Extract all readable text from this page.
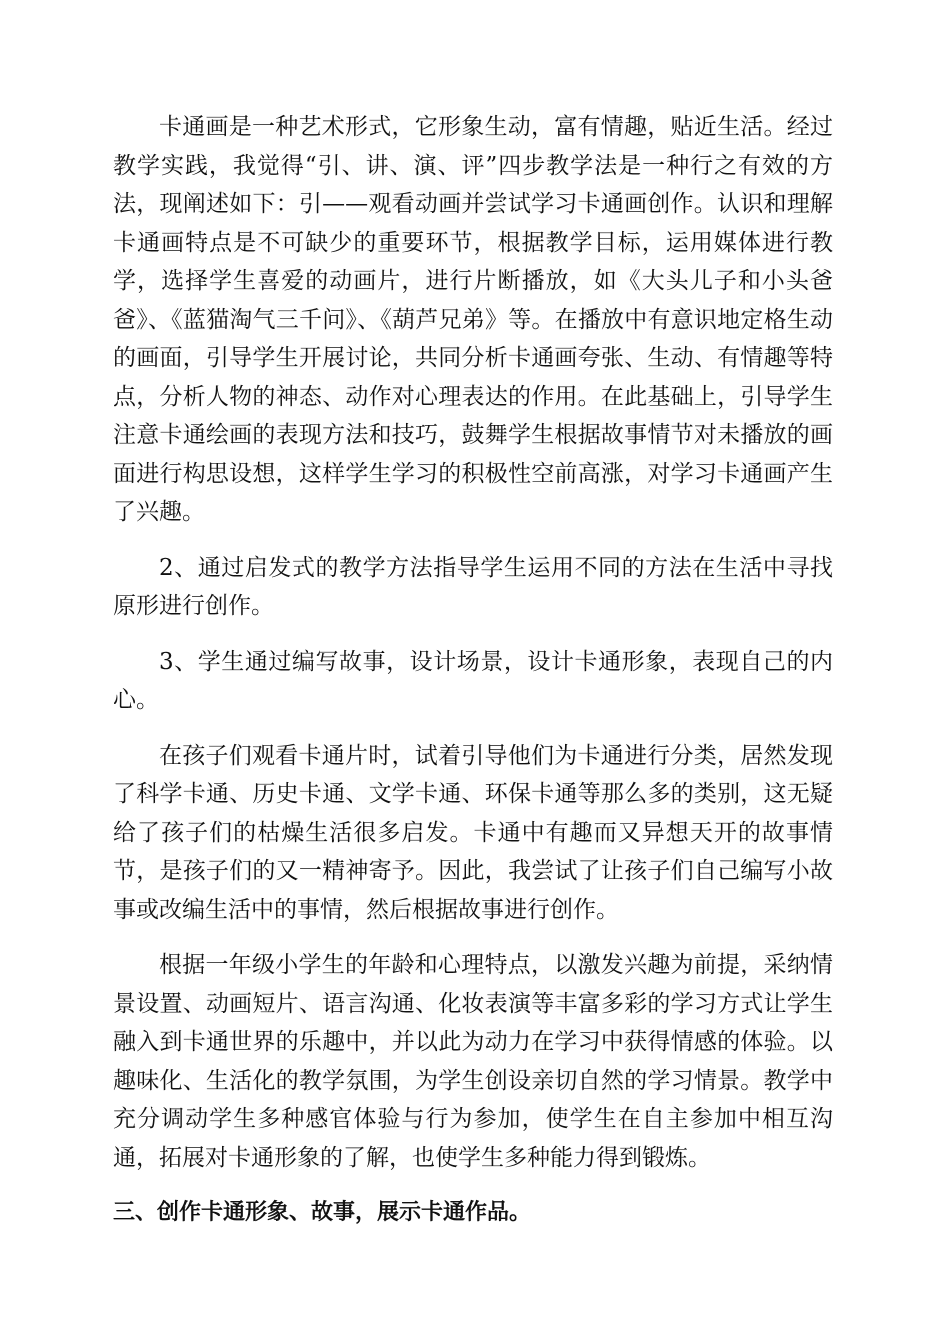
卡通画是一种艺术形式，它形象生动，富有情趣，贴近生活。经过教学实践，我觉得“引、讲、演、评”四步教学法是一种行之有效的方法，现阐述如下：引——观看动画并尝试学习卡通画创作。认识和理解卡通画特点是不可缺少的重要环节，根据教学目标，运用媒体进行教学，选择学生喜爱的动画片，进行片断播放，如《大头儿子和小头爸爸》、《蓝猫淘气三千问》、《葫芦兄弟》等。在播放中有意识地定格生动的画面，引导学生开展讨论，共同分析卡通画夸张、生动、有情趣等特点，分析人物的神态、动作对心理表达的作用。在此基础上，引导学生注意卡通绘画的表现方法和技巧，鼓舞学生根据故事情节对未播放的画面进行构思设想，这样学生学习的积极性空前高涨，对学习卡通画产生了兴趣。

2、通过启发式的教学方法指导学生运用不同的方法在生活中寻找原形进行创作。

3、学生通过编写故事，设计场景，设计卡通形象，表现自己的内心。

在孩子们观看卡通片时，试着引导他们为卡通进行分类，居然发现了科学卡通、历史卡通、文学卡通、环保卡通等那么多的类别，这无疑给了孩子们的枯燥生活很多启发。卡通中有趣而又异想天开的故事情节，是孩子们的又一精神寄予。因此，我尝试了让孩子们自己编写小故事或改编生活中的事情，然后根据故事进行创作。

根据一年级小学生的年龄和心理特点，以激发兴趣为前提，采纳情景设置、动画短片、语言沟通、化妆表演等丰富多彩的学习方式让学生融入到卡通世界的乐趣中，并以此为动力在学习中获得情感的体验。以趣味化、生活化的教学氛围，为学生创设亲切自然的学习情景。教学中充分调动学生多种感官体验与行为参加，使学生在自主参加中相互沟通，拓展对卡通形象的了解，也使学生多种能力得到锻炼。

三、创作卡通形象、故事，展示卡通作品。
